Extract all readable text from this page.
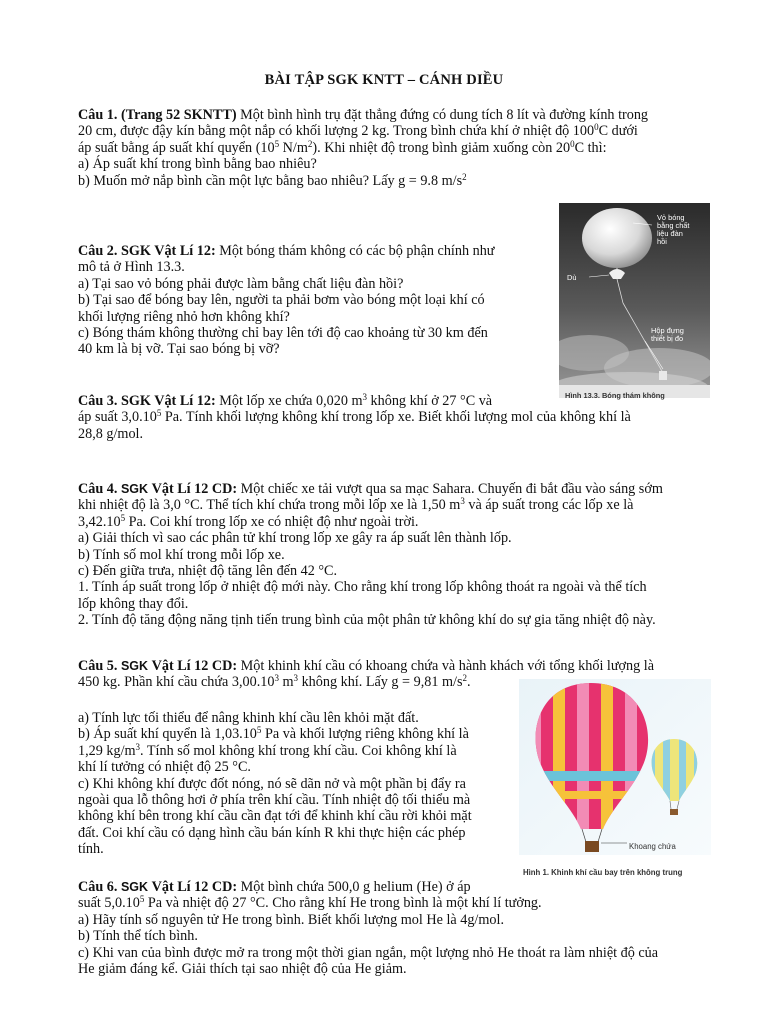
BÀI TẬP SGK KNTT – CÁNH DIỀU

Câu 1. (Trang 52 SKNTT) Một bình hình trụ đặt thẳng đứng có dung tích 8 lít và đường kính trong

20 cm, được đậy kín bằng một nắp có khối lượng 2 kg. Trong bình chứa khí ở nhiệt độ $100^0C$ dưới

áp suất bằng áp suất khí quyển ($10^5$ $N/m^2$). Khi nhiệt độ trong bình giảm xuống còn $20^0C$ thì:

a) Áp suất khí trong bình bằng bao nhiêu?

b) Muốn mở nắp bình cần một lực bằng bao nhiêu? Lấy g = 9.8 $m/s^2$

Vỏ bóng
bằng chất
liệu đàn
hồi
Dù
Hộp đựng
thiết bị đo
Hình 13.3. Bóng thám không

Câu 2. SGK Vật Lí 12: Một bóng thám không có các bộ phận chính như

mô tả ở Hình 13.3.

a) Tại sao vỏ bóng phải được làm bằng chất liệu đàn hồi?

b) Tại sao để bóng bay lên, người ta phải bơm vào bóng một loại khí có

khối lượng riêng nhỏ hơn không khí?

c) Bóng thám không thường chỉ bay lên tới độ cao khoảng từ 30 km đến

40 km là bị vỡ. Tại sao bóng bị vỡ?

Câu 3. SGK Vật Lí 12: Một lốp xe chứa 0,020 $m^3$ không khí ở 27 °C và

áp suất 3,0.10$^5$ Pa. Tính khối lượng không khí trong lốp xe. Biết khối lượng mol của không khí là

28,8 g/mol.

Câu 4. SGK Vật Lí 12 CD: Một chiếc xe tải vượt qua sa mạc Sahara. Chuyến đi bắt đầu vào sáng sớm

khi nhiệt độ là 3,0 °C. Thể tích khí chứa trong mỗi lốp xe là 1,50 $m^3$ và áp suất trong các lốp xe là

3,42.10$^5$ Pa. Coi khí trong lốp xe có nhiệt độ như ngoài trời.

a) Giải thích vì sao các phân tử khí trong lốp xe gây ra áp suất lên thành lốp.

b) Tính số mol khí trong mỗi lốp xe.

c) Đến giữa trưa, nhiệt độ tăng lên đến 42 °C.

1. Tính áp suất trong lốp ở nhiệt độ mới này. Cho rằng khí trong lốp không thoát ra ngoài và thể tích

lốp không thay đổi.

2. Tính độ tăng động năng tịnh tiến trung bình của một phân tử không khí do sự gia tăng nhiệt độ này.

Khoang chứa
Hình 1. Khinh khí cầu bay trên không trung

Câu 5. SGK Vật Lí 12 CD: Một khinh khí cầu có khoang chứa và hành khách với tổng khối lượng là

450 kg. Phần khí cầu chứa 3,00.10$^3$ $m^3$ không khí. Lấy g = 9,81 $m/s^2$.

a) Tính lực tối thiểu để nâng khinh khí cầu lên khỏi mặt đất.

b) Áp suất khí quyển là 1,03.10$^5$ Pa và khối lượng riêng không khí là

1,29 $kg/m^3$. Tính số mol không khí trong khí cầu. Coi không khí là

khí lí tưởng có nhiệt độ 25 °C.

c) Khi không khí được đốt nóng, nó sẽ dãn nở và một phần bị đẩy ra

ngoài qua lỗ thông hơi ở phía trên khí cầu. Tính nhiệt độ tối thiểu mà

không khí bên trong khí cầu cần đạt tới để khinh khí cầu rời khỏi mặt

đất. Coi khí cầu có dạng hình cầu bán kính R khi thực hiện các phép

tính.

Câu 6. SGK Vật Lí 12 CD: Một bình chứa 500,0 g helium (He) ở áp

suất 5,0.10$^5$ Pa và nhiệt độ 27 °C. Cho rằng khí He trong bình là một khí lí tưởng.

a) Hãy tính số nguyên tử He trong bình. Biết khối lượng mol He là 4g/mol.

b) Tính thể tích bình.

c) Khi van của bình được mở ra trong một thời gian ngắn, một lượng nhỏ He thoát ra làm nhiệt độ của

He giảm đáng kể. Giải thích tại sao nhiệt độ của He giảm.
